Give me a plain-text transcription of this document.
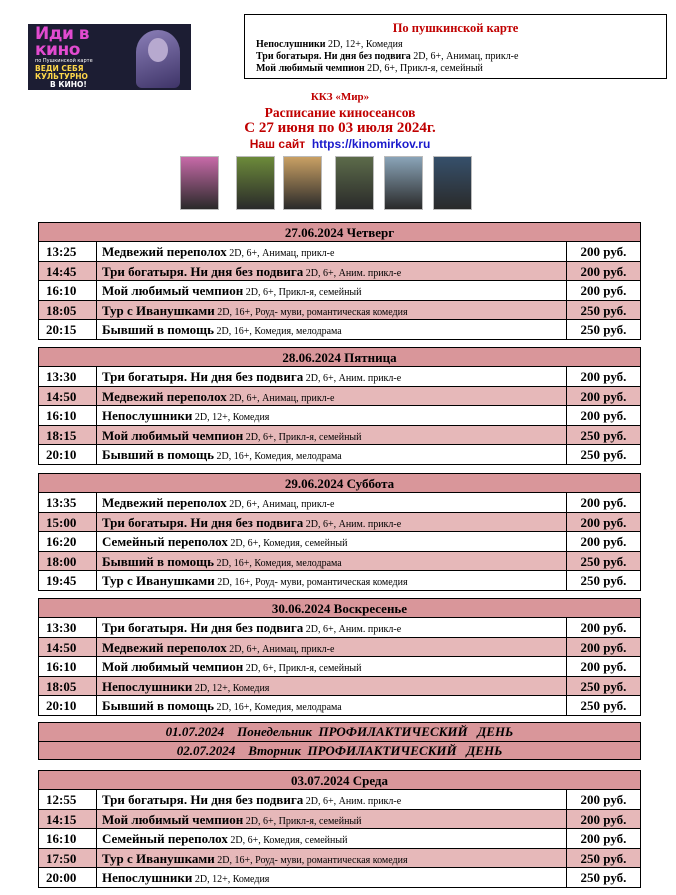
Иди в
кино
по Пушкинской карте
ВЕДИ СЕБЯ КУЛЬТУРНО
В КИНО!
По пушкинской карте
Непослушники 2D, 12+, Комедия
Три богатыря. Ни дня без подвига 2D, 6+, Анимац, прикл-е
Мой любимый чемпион 2D, 6+, Прикл-я, семейный
ККЗ «Мир»
Расписание киносеансов
С 27 июня по 03 июля 2024г.
Наш сайт https://kinomirkov.ru
27.06.2024 Четверг
13:25	Медвежий переполох 2D, 6+, Анимац, прикл-е	200 руб.
14:45	Три богатыря. Ни дня без подвига 2D, 6+, Аним. прикл-е	200 руб.
16:10	Мой любимый чемпион 2D, 6+, Прикл-я, семейный	200 руб.
18:05	Тур с Иванушками 2D, 16+, Роуд- муви, романтическая комедия	250 руб.
20:15	Бывший в помощь 2D, 16+, Комедия, мелодрама	250 руб.
28.06.2024 Пятница
13:30	Три богатыря. Ни дня без подвига 2D, 6+, Аним. прикл-е	200 руб.
14:50	Медвежий переполох 2D, 6+, Анимац, прикл-е	200 руб.
16:10	Непослушники 2D, 12+, Комедия	200 руб.
18:15	Мой любимый чемпион 2D, 6+, Прикл-я, семейный	250 руб.
20:10	Бывший в помощь 2D, 16+, Комедия, мелодрама	250 руб.
29.06.2024 Суббота
13:35	Медвежий переполох 2D, 6+, Анимац, прикл-е	200 руб.
15:00	Три богатыря. Ни дня без подвига 2D, 6+, Аним. прикл-е	200 руб.
16:20	Семейный переполох 2D, 6+, Комедия, семейный	200 руб.
18:00	Бывший в помощь 2D, 16+, Комедия, мелодрама	250 руб.
19:45	Тур с Иванушками 2D, 16+, Роуд- муви, романтическая комедия	250 руб.
30.06.2024 Воскресенье
13:30	Три богатыря. Ни дня без подвига 2D, 6+, Аним. прикл-е	200 руб.
14:50	Медвежий переполох 2D, 6+, Анимац, прикл-е	200 руб.
16:10	Мой любимый чемпион 2D, 6+, Прикл-я, семейный	200 руб.
18:05	Непослушники 2D, 12+, Комедия	250 руб.
20:10	Бывший в помощь 2D, 16+, Комедия, мелодрама	250 руб.
01.07.2024    Понедельник  ПРОФИЛАКТИЧЕСКИЙ   ДЕНЬ
02.07.2024    Вторник  ПРОФИЛАКТИЧЕСКИЙ   ДЕНЬ
03.07.2024 Среда
12:55	Три богатыря. Ни дня без подвига 2D, 6+, Аним. прикл-е	200 руб.
14:15	Мой любимый чемпион 2D, 6+, Прикл-я, семейный	200 руб.
16:10	Семейный переполох 2D, 6+, Комедия, семейный	200 руб.
17:50	Тур с Иванушками 2D, 16+, Роуд- муви, романтическая комедия	250 руб.
20:00	Непослушники 2D, 12+, Комедия	250 руб.
